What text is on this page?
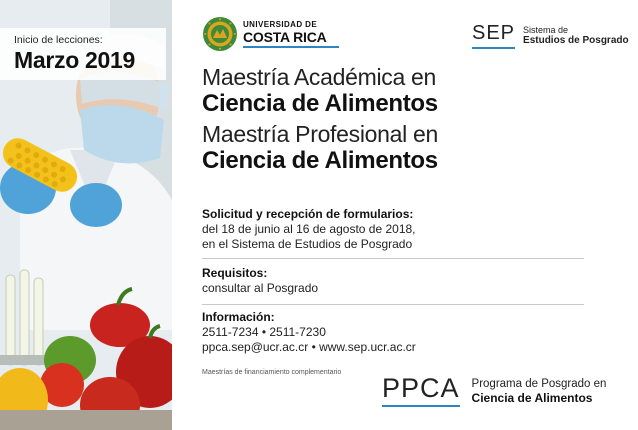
Inicio de lecciones:
Marzo 2019
UNIVERSIDAD DE
COSTA RICA	SEP Sistema de
Estudios de Posgrado
Maestría Académica en
Ciencia de Alimentos
Maestría Profesional en
Ciencia de Alimentos
Solicitud y recepción de formularios:
del 18 de junio al 16 de agosto de 2018,
en el Sistema de Estudios de Posgrado
Requisitos:
consultar al Posgrado
Información:
2511-7234 • 2511-7230
ppca.sep@ucr.ac.cr • www.sep.ucr.ac.cr
Maestrías de financiamiento complementario
PPCA Programa de Posgrado en
Ciencia de Alimentos
